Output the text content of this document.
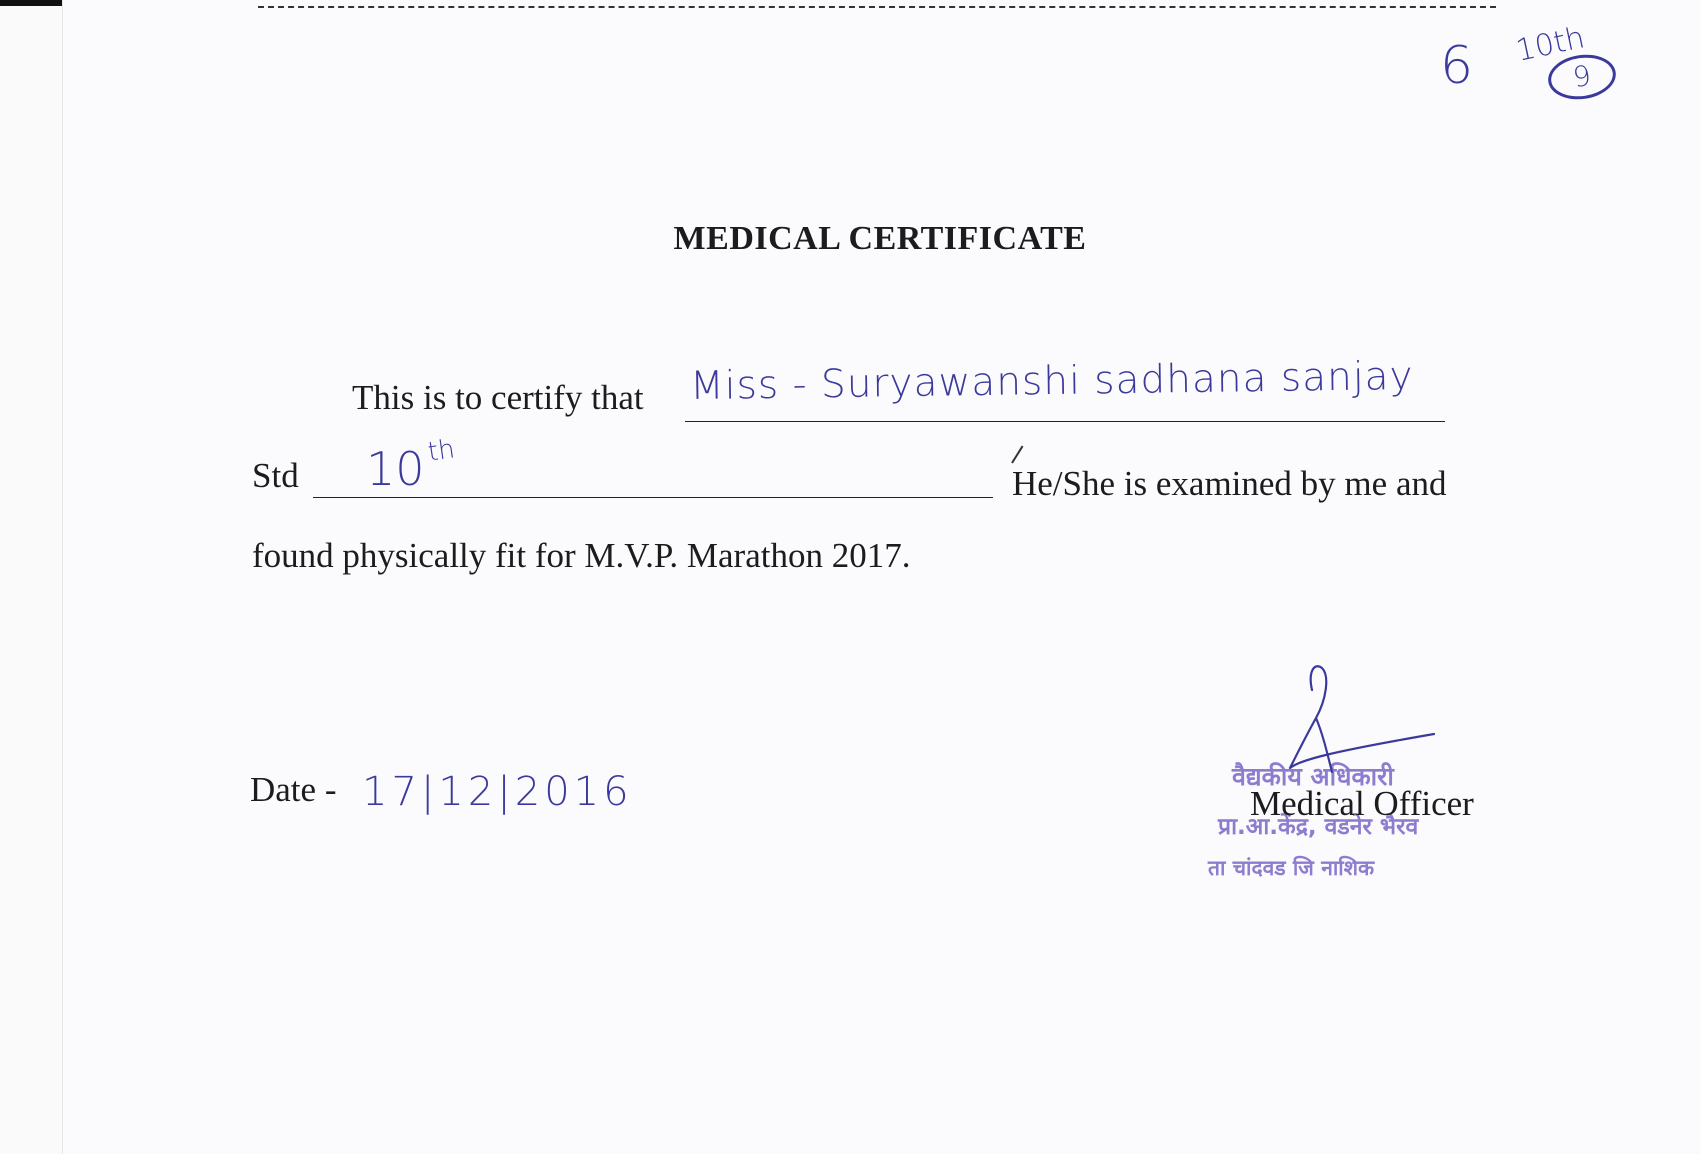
6 10th
9
MEDICAL CERTIFICATE
This is to certify that Miss - Suryawanshi sadhana sanjay
Std 10 th
He/She is examined by me and
found physically fit for M.V.P. Marathon 2017.
Date - 17|12|2016	वैद्यकीय अधिकारी
प्रा.आ.केंद्र, वडनेर भैरव
ता चांदवड जि नाशिक
Medical Officer
